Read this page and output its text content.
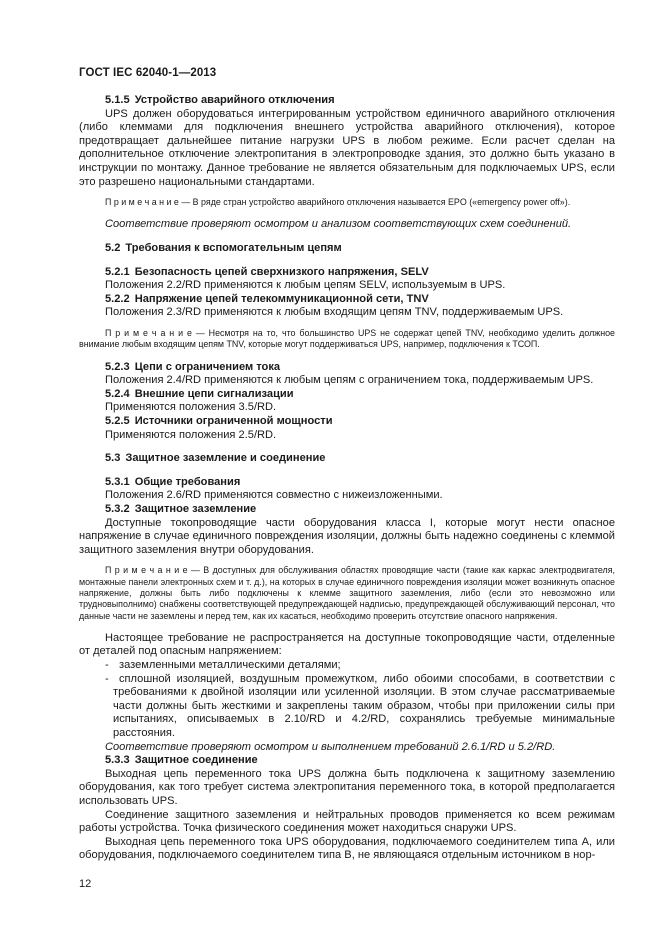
ГОСТ IEC 62040-1—2013

5.1.5 Устройство аварийного отключения

UPS должен оборудоваться интегрированным устройством единичного аварийного отключения (либо клеммами для подключения внешнего устройства аварийного отключения), которое предотвращает дальнейшее питание нагрузки UPS в любом режиме. Если расчет сделан на дополнительное отключение электропитания в электропроводке здания, это должно быть указано в инструкции по монтажу. Данное требование не является обязательным для подключаемых UPS, если это разрешено национальными стандартами.

П р и м е ч а н и е — В ряде стран устройство аварийного отключения называется EPO («emergency power off»).

Соответствие проверяют осмотром и анализом соответствующих схем соединений.

5.2 Требования к вспомогательным цепям

5.2.1 Безопасность цепей сверхнизкого напряжения, SELV

Положения 2.2/RD применяются к любым цепям SELV, используемым в UPS.

5.2.2 Напряжение цепей телекоммуникационной сети, TNV

Положения 2.3/RD применяются к любым входящим цепям TNV, поддерживаемым UPS.

П р и м е ч а н и е — Несмотря на то, что большинство UPS не содержат цепей TNV, необходимо уделить должное внимание любым входящим цепям TNV, которые могут поддерживаться UPS, например, подключения к ТСОП.

5.2.3 Цепи с ограничением тока

Положения 2.4/RD применяются к любым цепям с ограничением тока, поддерживаемым UPS.

5.2.4 Внешние цепи сигнализации

Применяются положения 3.5/RD.

5.2.5 Источники ограниченной мощности

Применяются положения 2.5/RD.

5.3 Защитное заземление и соединение

5.3.1 Общие требования

Положения 2.6/RD применяются совместно с нижеизложенными.

5.3.2 Защитное заземление

Доступные токопроводящие части оборудования класса I, которые могут нести опасное напряжение в случае единичного повреждения изоляции, должны быть надежно соединены с клеммой защитного заземления внутри оборудования.

П р и м е ч а н и е — В доступных для обслуживания областях проводящие части (такие как каркас электродвигателя, монтажные панели электронных схем и т. д.), на которых в случае единичного повреждения изоляции может возникнуть опасное напряжение, должны быть либо подключены к клемме защитного заземления, либо (если это невозможно или трудновыполнимо) снабжены соответствующей предупреждающей надписью, предупреждающей обслуживающий персонал, что данные части не заземлены и перед тем, как их касаться, необходимо проверить отсутствие опасного напряжения.

Настоящее требование не распространяется на доступные токопроводящие части, отделенные от деталей под опасным напряжением:

- заземленными металлическими деталями;

- сплошной изоляцией, воздушным промежутком, либо обоими способами, в соответствии с требованиями к двойной изоляции или усиленной изоляции. В этом случае рассматриваемые части должны быть жесткими и закреплены таким образом, чтобы при приложении силы при испытаниях, описываемых в 2.10/RD и 4.2/RD, сохранялись требуемые минимальные расстояния.

Соответствие проверяют осмотром и выполнением требований 2.6.1/RD и 5.2/RD.

5.3.3 Защитное соединение

Выходная цепь переменного тока UPS должна быть подключена к защитному заземлению оборудования, как того требует система электропитания переменного тока, в которой предполагается использовать UPS.

Соединение защитного заземления и нейтральных проводов применяется ко всем режимам работы устройства. Точка физического соединения может находиться снаружи UPS.

Выходная цепь переменного тока UPS оборудования, подключаемого соединителем типа А, или оборудования, подключаемого соединителем типа В, не являющаяся отдельным источником в нор-

12
